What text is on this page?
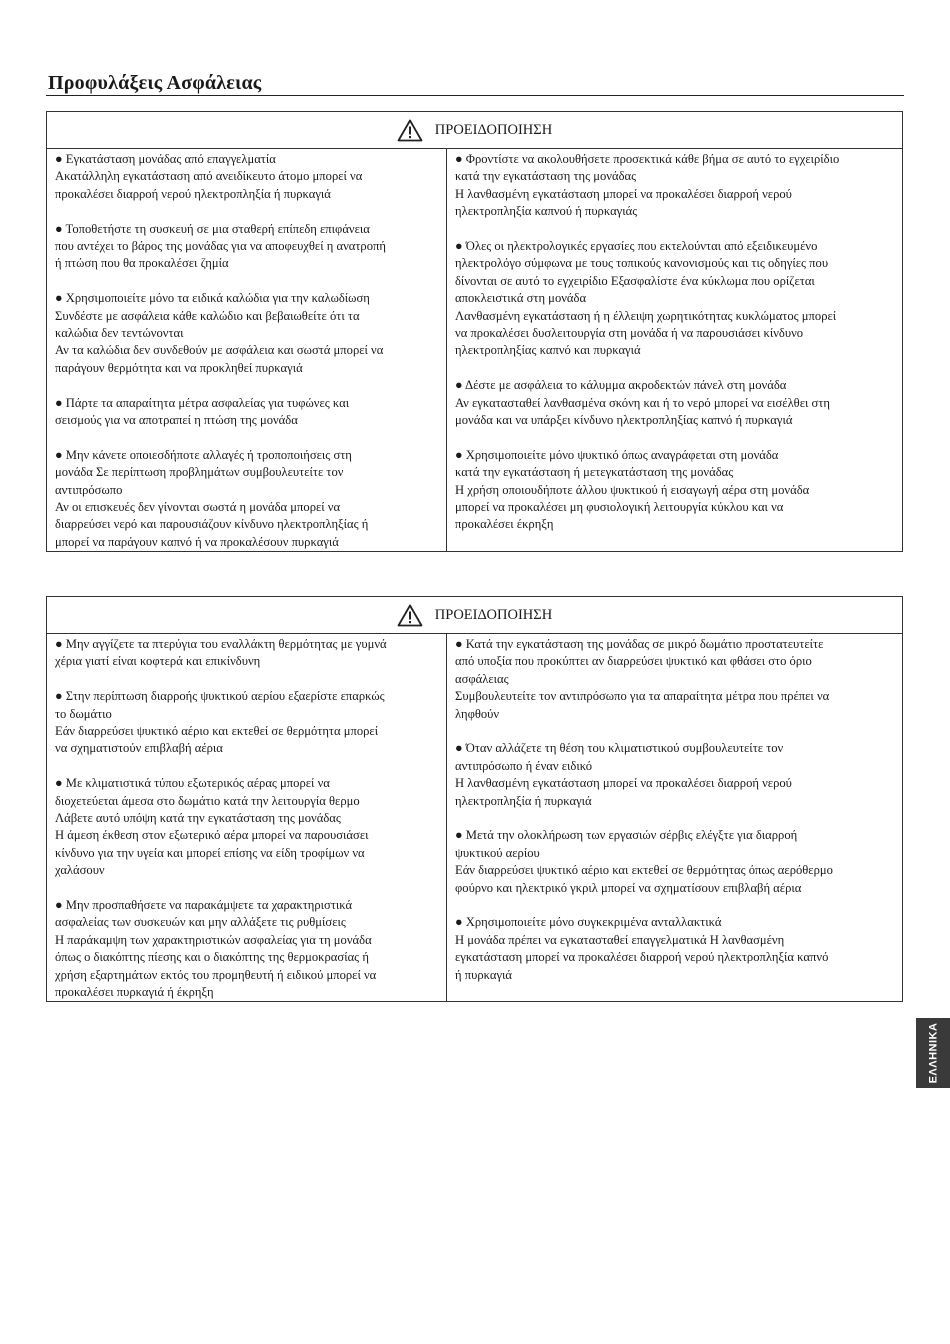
Προφυλάξεις Ασφάλειας
ΠΡΟΕΙΔΟΠΟΙΗΣΗ
● Εγκατάσταση μονάδας από επαγγελματία
Ακατάλληλη εγκατάσταση από ανειδίκευτο άτομο μπορεί να
προκαλέσει διαρροή νερού ηλεκτροπληξία ή πυρκαγιά
● Τοποθετήστε τη συσκευή σε μια σταθερή επίπεδη επιφάνεια
που αντέχει το βάρος της μονάδας για να αποφευχθεί η ανατροπή
ή πτώση που θα προκαλέσει ζημία
● Χρησιμοποιείτε μόνο τα ειδικά καλώδια για την καλωδίωση
Συνδέστε με ασφάλεια κάθε καλώδιο και βεβαιωθείτε ότι τα
καλώδια δεν τεντώνονται
Αν τα καλώδια δεν συνδεθούν με ασφάλεια και σωστά μπορεί να
παράγουν θερμότητα και να προκληθεί πυρκαγιά
● Πάρτε τα απαραίτητα μέτρα ασφαλείας για τυφώνες και
σεισμούς για να αποτραπεί η πτώση της μονάδα
● Μην κάνετε οποιεσδήποτε αλλαγές ή τροποποιήσεις στη
μονάδα Σε περίπτωση προβλημάτων συμβουλευτείτε τον
αντιπρόσωπο
Αν οι επισκευές δεν γίνονται σωστά η μονάδα μπορεί να
διαρρεύσει νερό και παρουσιάζουν κίνδυνο ηλεκτροπληξίας ή
μπορεί να παράγουν καπνό ή να προκαλέσουν πυρκαγιά
● Φροντίστε να ακολουθήσετε προσεκτικά κάθε βήμα σε αυτό το εγχειρίδιο
κατά την εγκατάσταση της μονάδας
Η λανθασμένη εγκατάσταση μπορεί να προκαλέσει διαρροή νερού
ηλεκτροπληξία καπνού ή πυρκαγιάς
● Όλες οι ηλεκτρολογικές εργασίες που εκτελούνται από εξειδικευμένο
ηλεκτρολόγο σύμφωνα με τους τοπικούς κανονισμούς και τις οδηγίες που
δίνονται σε αυτό το εγχειρίδιο Εξασφαλίστε ένα κύκλωμα που ορίζεται
αποκλειστικά στη μονάδα
Λανθασμένη εγκατάσταση ή η έλλειψη χωρητικότητας κυκλώματος μπορεί
να προκαλέσει δυσλειτουργία στη μονάδα ή να παρουσιάσει κίνδυνο
ηλεκτροπληξίας καπνό και πυρκαγιά
● Δέστε με ασφάλεια το κάλυμμα ακροδεκτών πάνελ στη μονάδα
Αν εγκατασταθεί λανθασμένα σκόνη και ή το νερό μπορεί να εισέλθει στη
μονάδα και να υπάρξει κίνδυνο ηλεκτροπληξίας καπνό ή πυρκαγιά
● Χρησιμοποιείτε μόνο ψυκτικό όπως αναγράφεται στη μονάδα
κατά την εγκατάσταση ή μετεγκατάσταση της μονάδας
Η χρήση οποιουδήποτε άλλου ψυκτικού ή εισαγωγή αέρα στη μονάδα
μπορεί να προκαλέσει μη φυσιολογική λειτουργία κύκλου και να
προκαλέσει έκρηξη
ΠΡΟΕΙΔΟΠΟΙΗΣΗ
● Μην αγγίζετε τα πτερύγια του εναλλάκτη θερμότητας με γυμνά
χέρια γιατί είναι κοφτερά και επικίνδυνη
● Στην περίπτωση διαρροής ψυκτικού αερίου εξαερίστε επαρκώς
το δωμάτιο
Εάν διαρρεύσει ψυκτικό αέριο και εκτεθεί σε θερμότητα μπορεί
να σχηματιστούν επιβλαβή αέρια
● Με κλιματιστικά τύπου εξωτερικός αέρας μπορεί να
διοχετεύεται άμεσα στο δωμάτιο κατά την λειτουργία θερμο
Λάβετε αυτό υπόψη κατά την εγκατάσταση της μονάδας
Η άμεση έκθεση στον εξωτερικό αέρα μπορεί να παρουσιάσει
κίνδυνο για την υγεία και μπορεί επίσης να είδη τροφίμων να
χαλάσουν
● Μην προσπαθήσετε να παρακάμψετε τα χαρακτηριστικά
ασφαλείας των συσκευών και μην αλλάξετε τις ρυθμίσεις
Η παράκαμψη των χαρακτηριστικών ασφαλείας για τη μονάδα
όπως ο διακόπτης πίεσης και ο διακόπτης της θερμοκρασίας ή
χρήση εξαρτημάτων εκτός του προμηθευτή ή ειδικού μπορεί να
προκαλέσει πυρκαγιά ή έκρηξη
● Κατά την εγκατάσταση της μονάδας σε μικρό δωμάτιο προστατευτείτε
από υποξία που προκύπτει αν διαρρεύσει ψυκτικό και φθάσει στο όριο
ασφάλειας
Συμβουλευτείτε τον αντιπρόσωπο για τα απαραίτητα μέτρα που πρέπει να
ληφθούν
● Όταν αλλάζετε τη θέση του κλιματιστικού συμβουλευτείτε τον
αντιπρόσωπο ή έναν ειδικό
Η λανθασμένη εγκατάσταση μπορεί να προκαλέσει διαρροή νερού
ηλεκτροπληξία ή πυρκαγιά
● Μετά την ολοκλήρωση των εργασιών σέρβις ελέγξτε για διαρροή
ψυκτικού αερίου
Εάν διαρρεύσει ψυκτικό αέριο και εκτεθεί σε θερμότητας όπως αερόθερμο
φούρνο και ηλεκτρικό γκριλ μπορεί να σχηματίσουν επιβλαβή αέρια
● Χρησιμοποιείτε μόνο συγκεκριμένα ανταλλακτικά
Η μονάδα πρέπει να εγκατασταθεί επαγγελματικά Η λανθασμένη
εγκατάσταση μπορεί να προκαλέσει διαρροή νερού ηλεκτροπληξία καπνό
ή πυρκαγιά
ΕΛΛΗΝΙΚΑ
